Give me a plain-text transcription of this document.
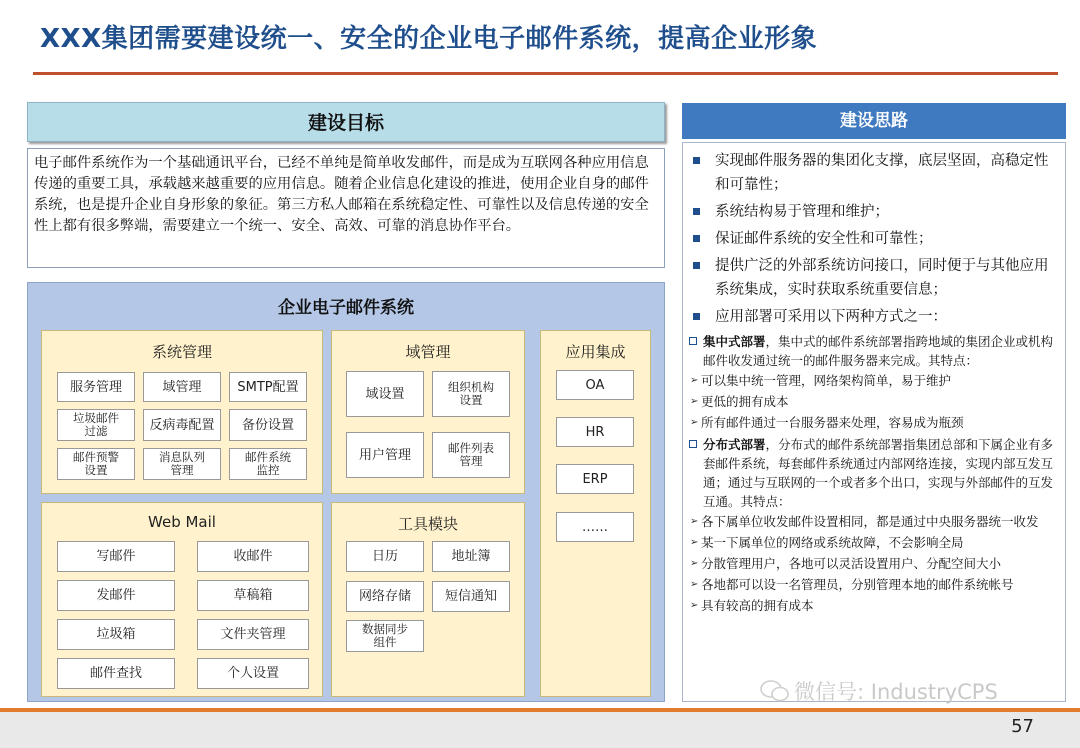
XXX集团需要建设统一、安全的企业电子邮件系统，提高企业形象
建设目标
电子邮件系统作为一个基础通讯平台，已经不单纯是简单收发邮件，而是成为互联网各种应用信息传递的重要工具，承载越来越重要的应用信息。随着企业信息化建设的推进，使用企业自身的邮件系统，也是提升企业自身形象的象征。第三方私人邮箱在系统稳定性、可靠性以及信息传递的安全性上都有很多弊端，需要建立一个统一、安全、高效、可靠的消息协作平台。
企业电子邮件系统
系统管理
服务管理	域管理	SMTP配置
垃圾邮件过滤	反病毒配置	备份设置
邮件预警设置
消息队列管理
邮件系统监控
域管理
域设置	组织机构设置
用户管理	邮件列表管理
应用集成
OA
HR
ERP
……
Web Mail
写邮件	收邮件
发邮件	草稿箱
垃圾箱	文件夹管理
邮件查找	个人设置
工具模块
日历	地址簿
网络存储	短信通知
数据同步组件
建设思路
实现邮件服务器的集团化支撑，底层坚固，高稳定性和可靠性；
系统结构易于管理和维护；
保证邮件系统的安全性和可靠性；
提供广泛的外部系统访问接口，同时便于与其他应用系统集成，实时获取系统重要信息；
应用部署可采用以下两种方式之一：
集中式部署，集中式的邮件系统部署指跨地域的集团企业或机构邮件收发通过统一的邮件服务器来完成。其特点：
➢ 可以集中统一管理，网络架构简单，易于维护
➢ 更低的拥有成本
➢ 所有邮件通过一台服务器来处理，容易成为瓶颈
分布式部署，分布式的邮件系统部署指集团总部和下属企业有多套邮件系统，每套邮件系统通过内部网络连接，实现内部互发互通；通过与互联网的一个或者多个出口，实现与外部邮件的互发互通。其特点：
➢ 各下属单位收发邮件设置相同，都是通过中央服务器统一收发
➢ 某一下属单位的网络或系统故障，不会影响全局
➢ 分散管理用户，各地可以灵活设置用户、分配空间大小
➢ 各地都可以设一名管理员，分别管理本地的邮件系统帐号
➢ 具有较高的拥有成本
57
微信号: IndustryCPS
